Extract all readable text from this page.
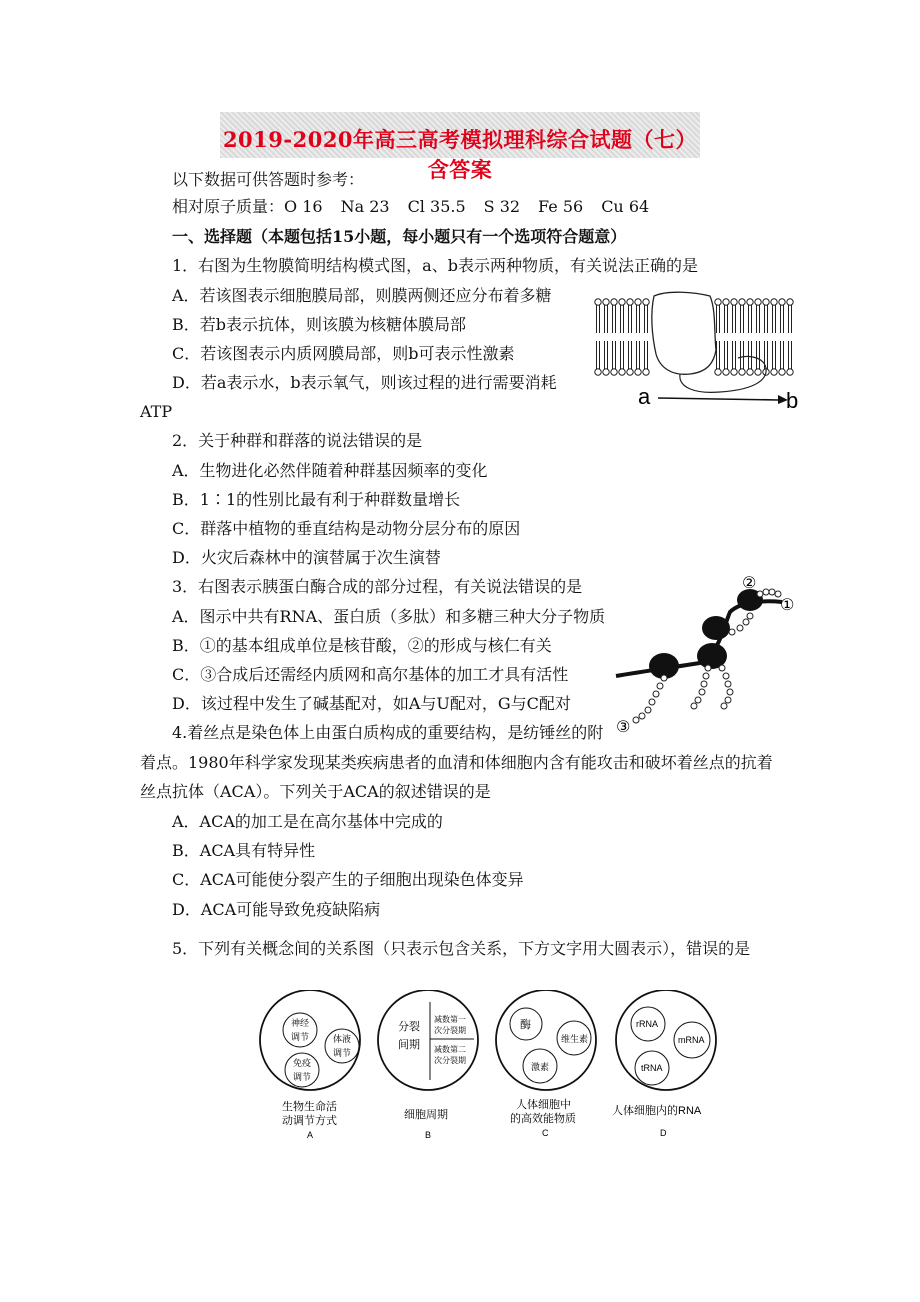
2019-2020年高三高考模拟理科综合试题（七）含答案
以下数据可供答题时参考：
相对原子质量：O 16 Na 23 Cl 35.5 S 32 Fe 56 Cu 64
一、选择题（本题包括15小题，每小题只有一个选项符合题意）
1．右图为生物膜简明结构模式图，a、b表示两种物质，有关说法正确的是
A．若该图表示细胞膜局部，则膜两侧还应分布着多糖
B．若b表示抗体，则该膜为核糖体膜局部
C．若该图表示内质网膜局部，则b可表示性激素
D．若a表示水，b表示氧气，则该过程的进行需要消耗
ATP
a	b
2．关于种群和群落的说法错误的是
A．生物进化必然伴随着种群基因频率的变化
B．1∶1的性别比最有利于种群数量增长
C．群落中植物的垂直结构是动物分层分布的原因
D．火灾后森林中的演替属于次生演替
3．右图表示胰蛋白酶合成的部分过程，有关说法错误的是
A．图示中共有RNA、蛋白质（多肽）和多糖三种大分子物质
B．①的基本组成单位是核苷酸，②的形成与核仁有关
C．③合成后还需经内质网和高尔基体的加工才具有活性
D．该过程中发生了碱基配对，如A与U配对，G与C配对
①
②
③
4.着丝点是染色体上由蛋白质构成的重要结构，是纺锤丝的附
着点。1980年科学家发现某类疾病患者的血清和体细胞内含有能攻击和破坏着丝点的抗着
丝点抗体（ACA）。下列关于ACA的叙述错误的是
A．ACA的加工是在高尔基体中完成的
B．ACA具有特异性
C．ACA可能使分裂产生的子细胞出现染色体变异
D．ACA可能导致免疫缺陷病
5．下列有关概念间的关系图（只表示包含关系，下方文字用大圆表示），错误的是
神经
调节	体液
调节
免疫
调节
生物生命活
动调节方式
A
分裂
间期
减数第一
次分裂期
减数第二
次分裂期
细胞周期
B
酶
维生素
激素
人体细胞中
的高效能物质
C
rRNA
mRNA
tRNA
人体细胞内的RNA
D
